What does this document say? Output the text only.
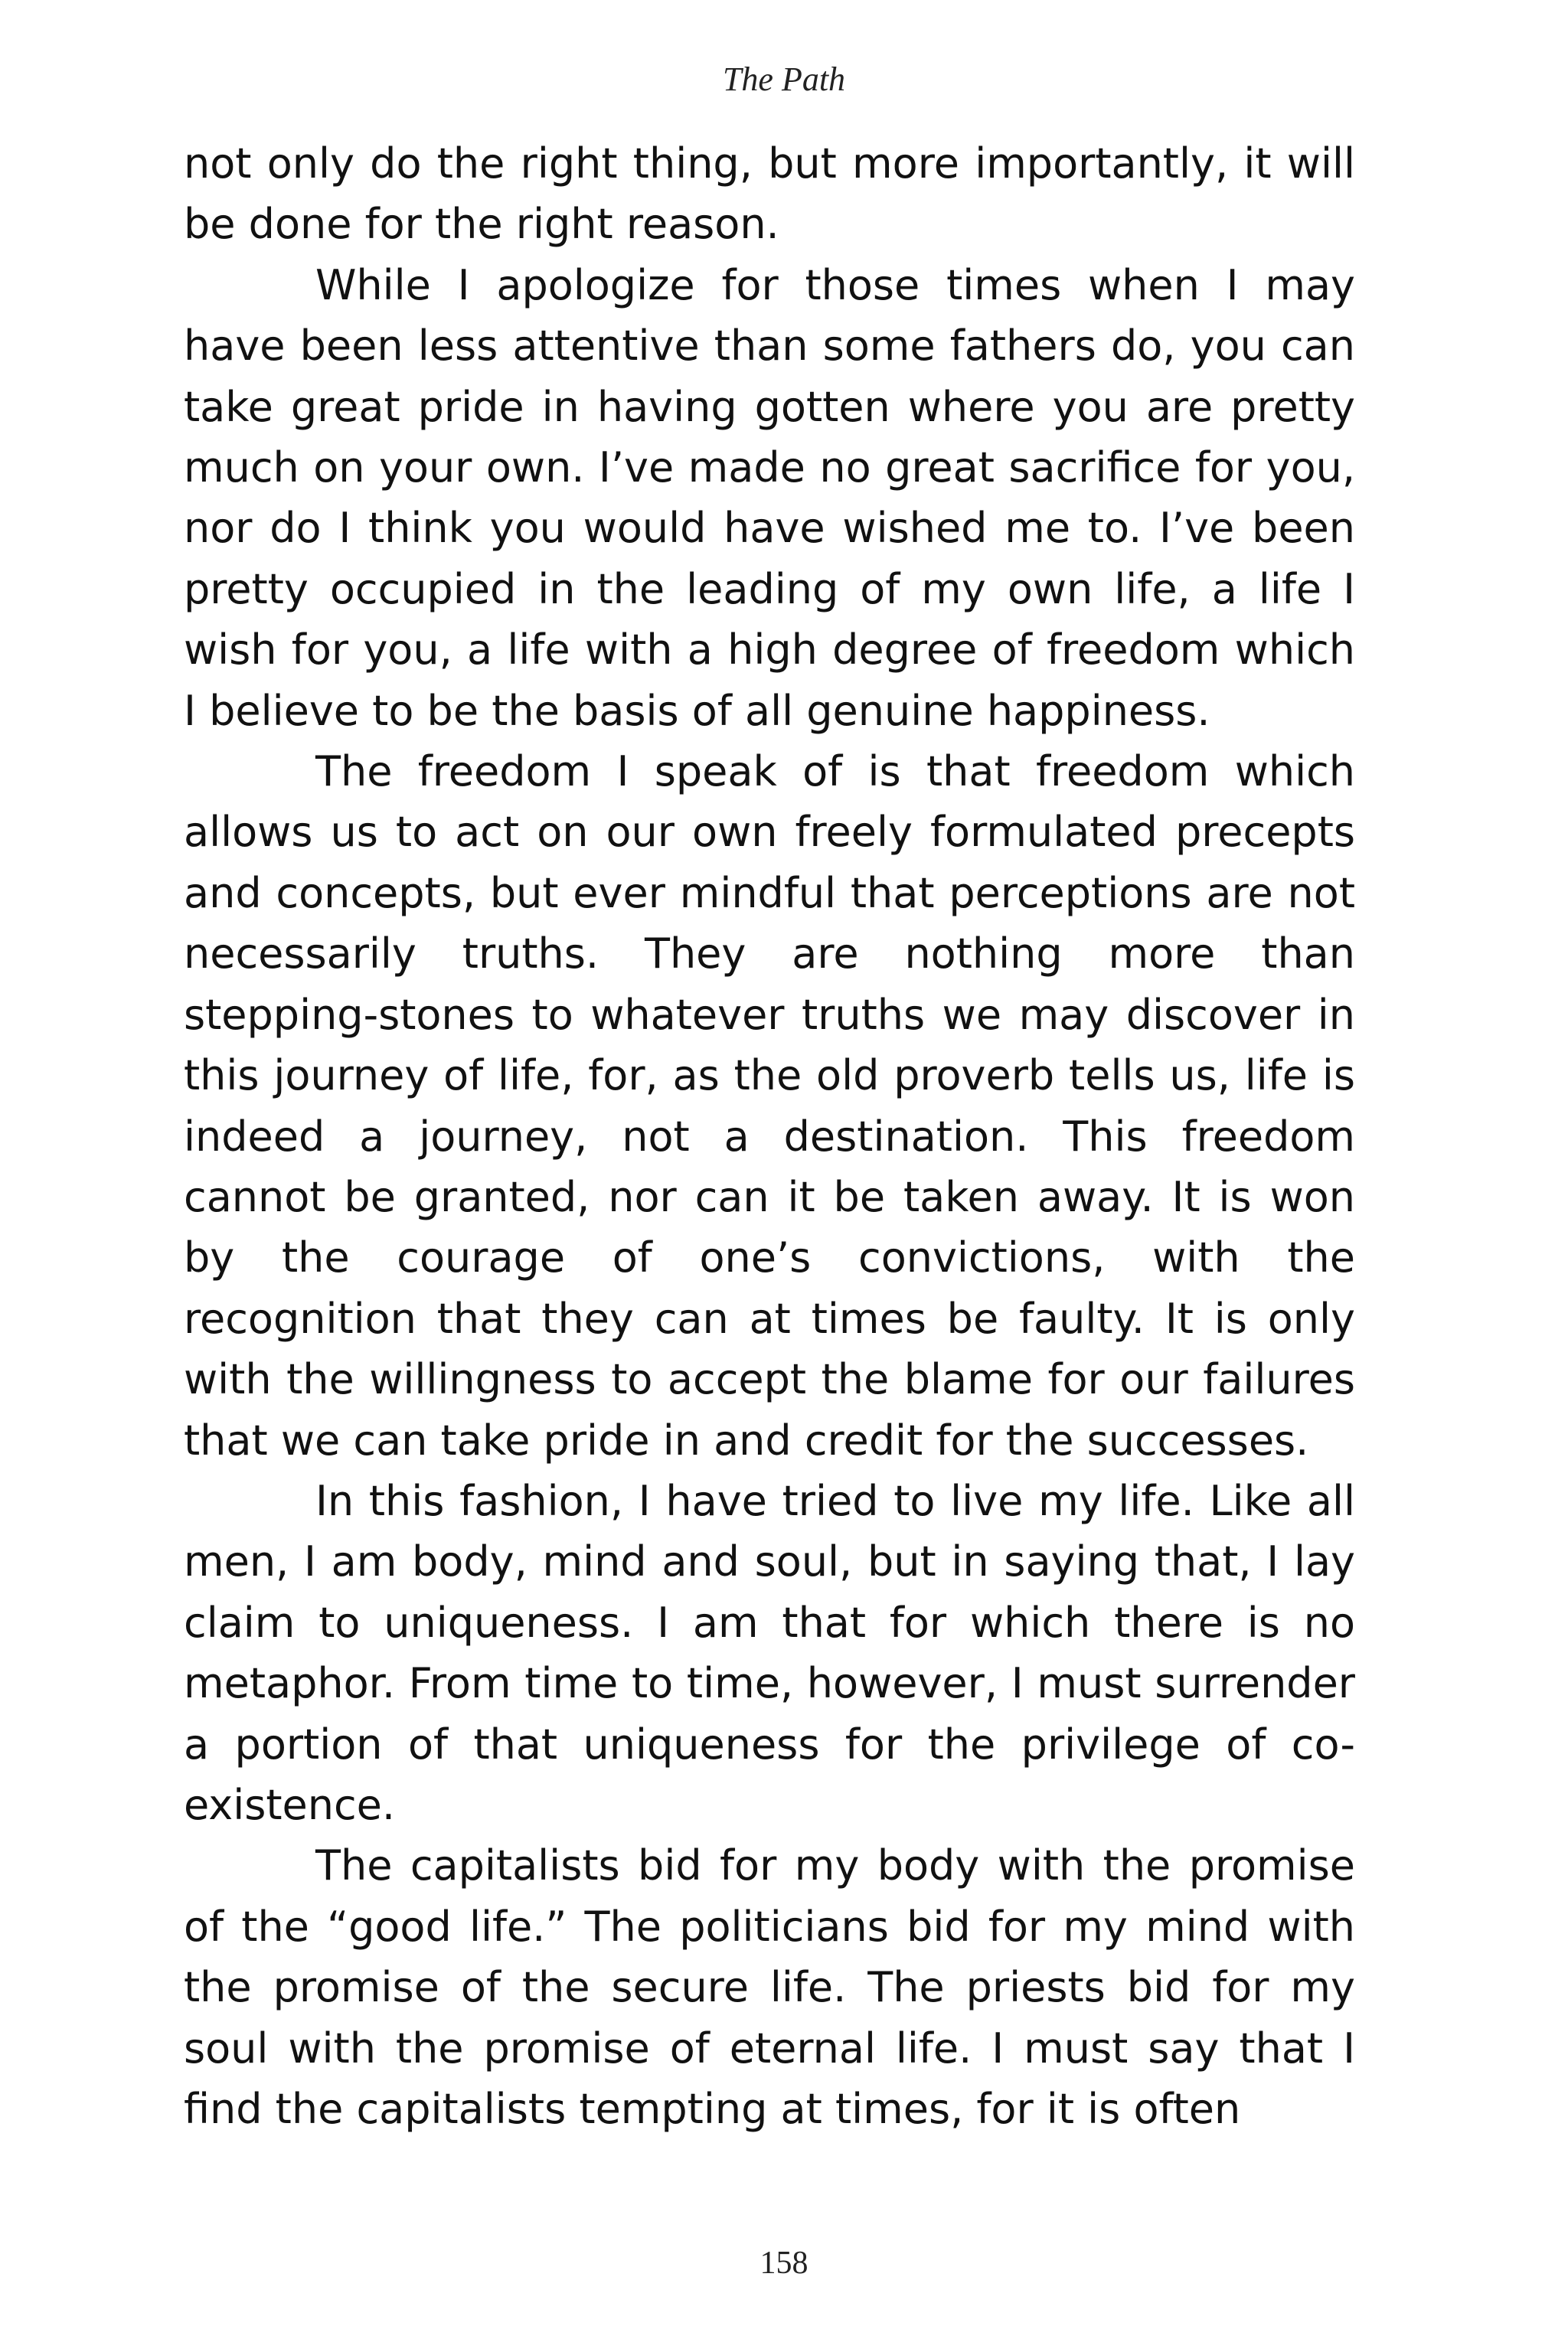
The Path

not only do the right thing, but more importantly, it will be done for the right reason.

While I apologize for those times when I may have been less attentive than some fathers do, you can take great pride in having gotten where you are pretty much on your own. I’ve made no great sacrifice for you, nor do I think you would have wished me to. I’ve been pretty occupied in the leading of my own life, a life I wish for you, a life with a high degree of freedom which I believe to be the basis of all genuine happiness.

The freedom I speak of is that freedom which allows us to act on our own freely formulated precepts and concepts, but ever mindful that perceptions are not necessarily truths. They are nothing more than stepping-stones to whatever truths we may discover in this journey of life, for, as the old proverb tells us, life is indeed a journey, not a destination. This freedom cannot be granted, nor can it be taken away. It is won by the courage of one’s convictions, with the recognition that they can at times be faulty. It is only with the willingness to accept the blame for our failures that we can take pride in and credit for the successes.

In this fashion, I have tried to live my life. Like all men, I am body, mind and soul, but in saying that, I lay claim to uniqueness. I am that for which there is no metaphor. From time to time, however, I must surrender a portion of that uniqueness for the privilege of co-existence.

The capitalists bid for my body with the promise of the “good life.” The politicians bid for my mind with the promise of the secure life. The priests bid for my soul with the promise of eternal life. I must say that I find the capitalists tempting at times, for it is often

158
